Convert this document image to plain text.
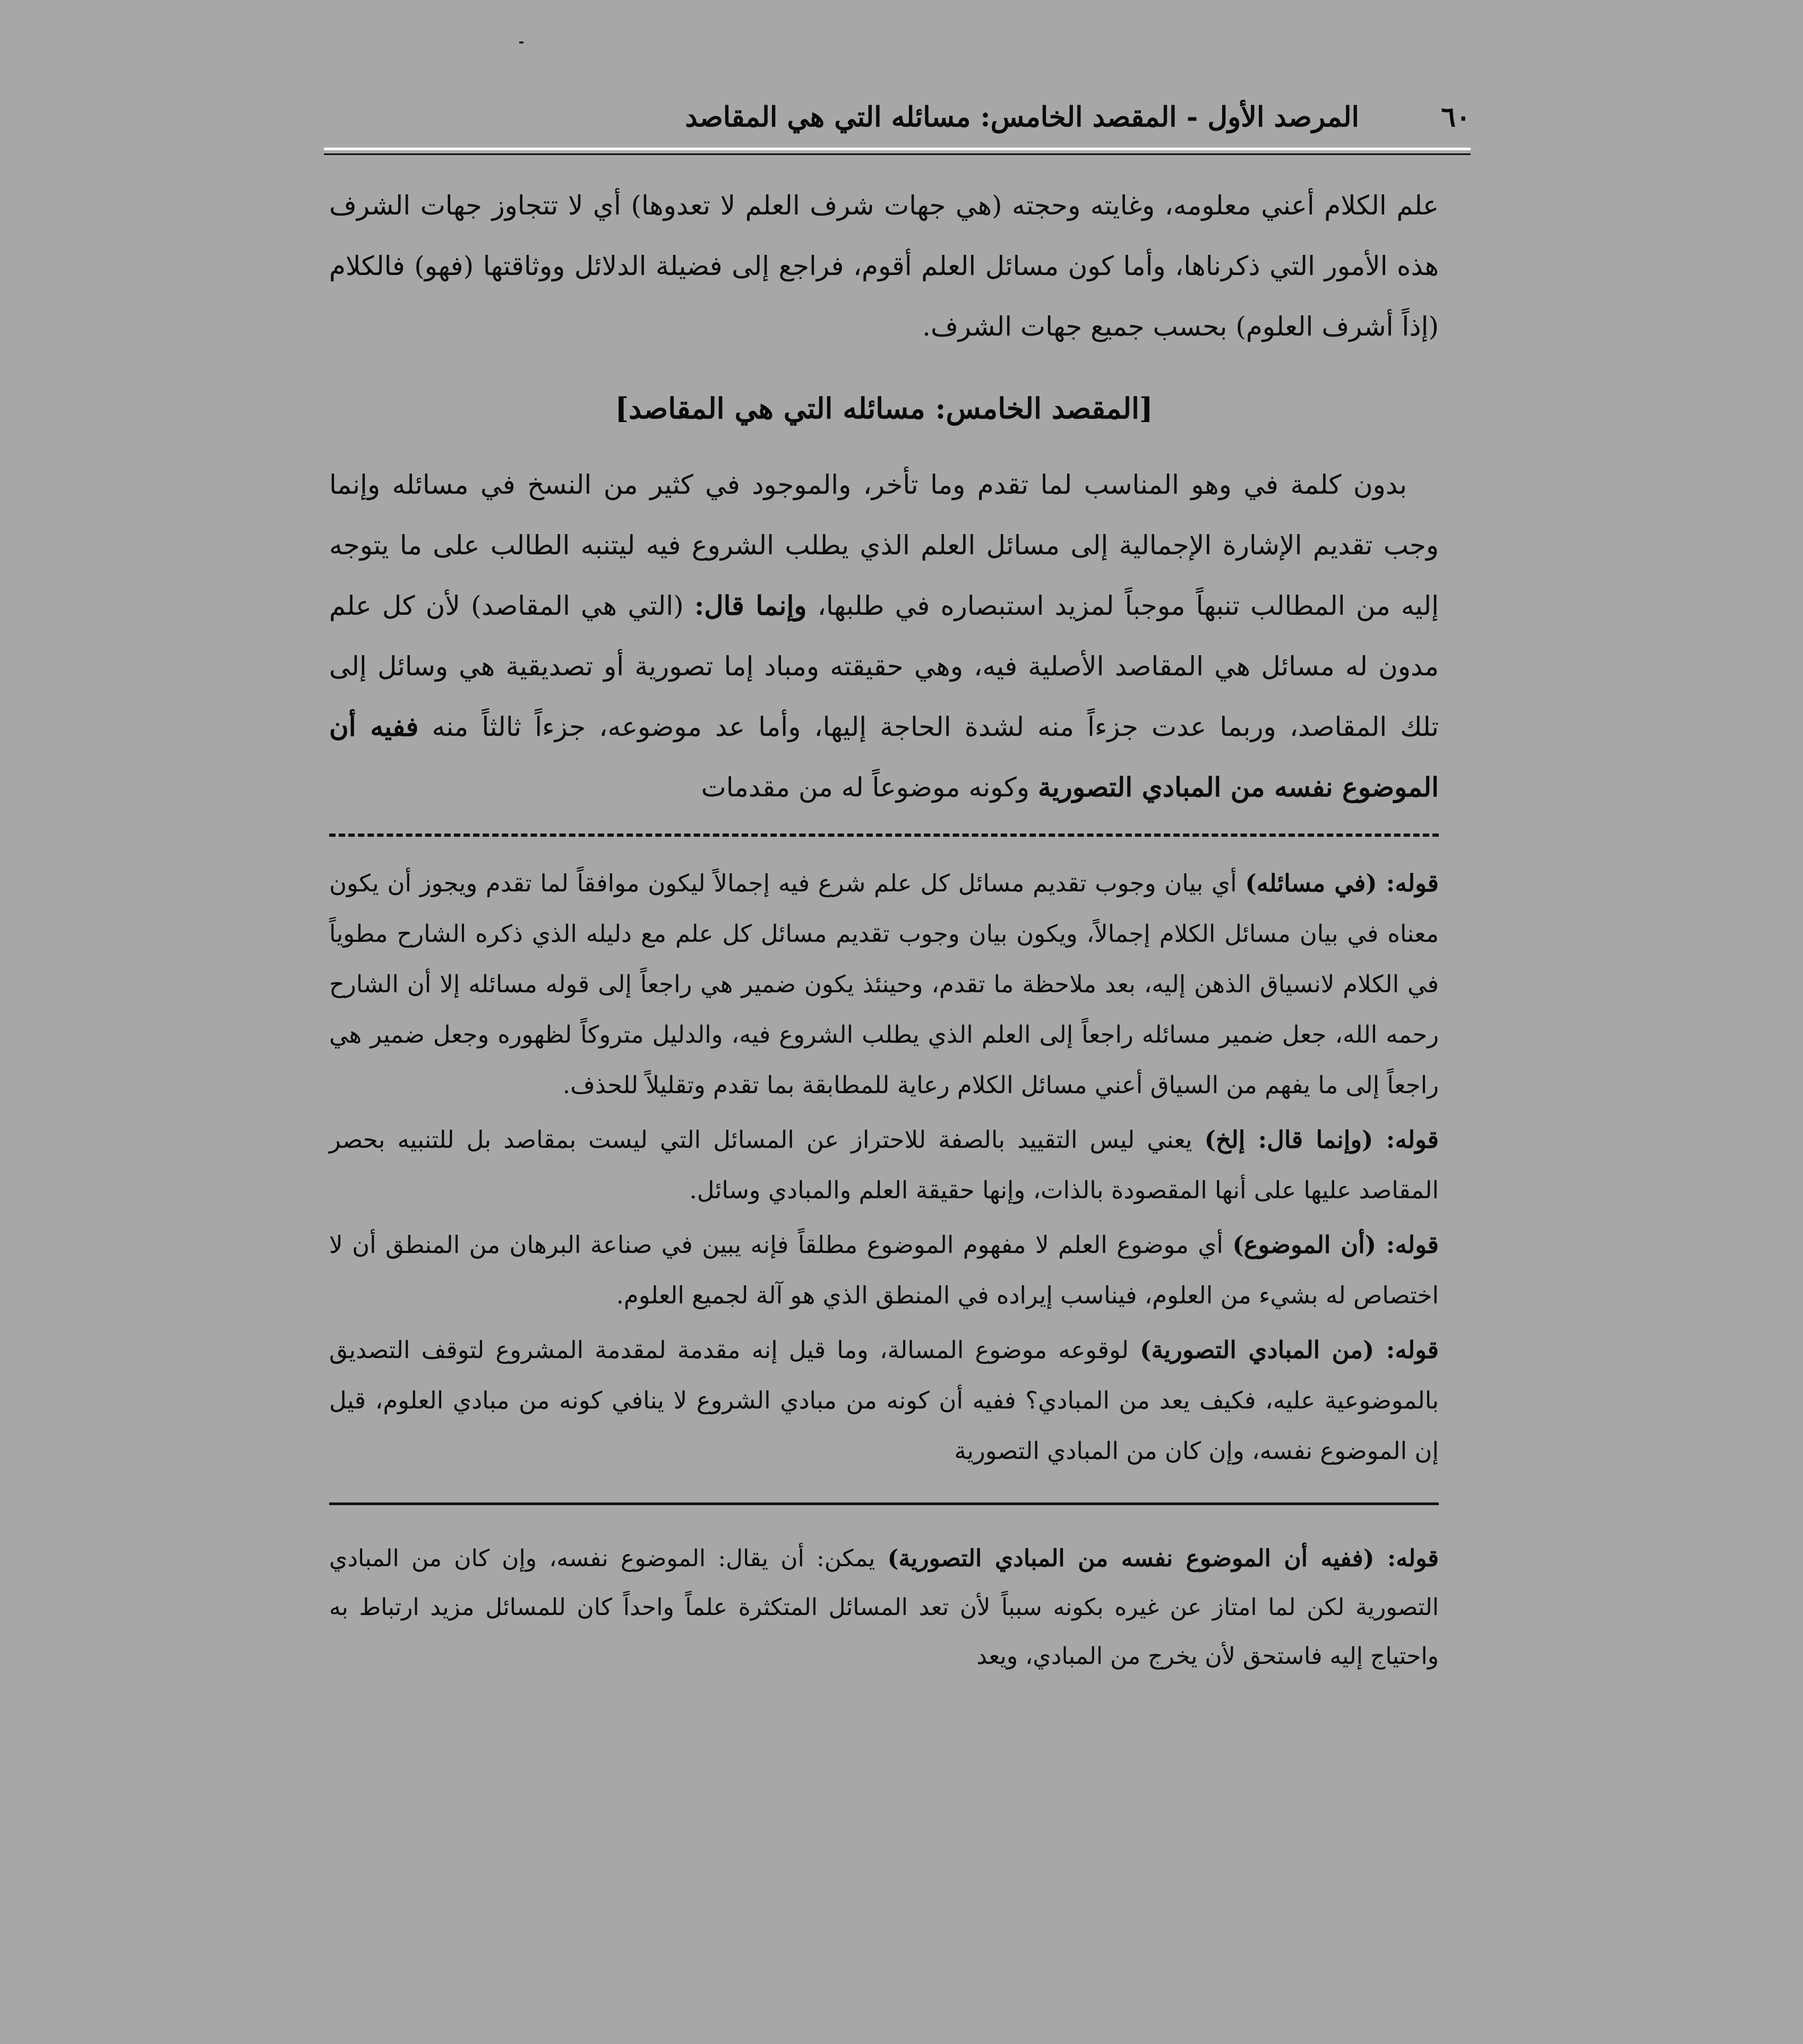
٦٠
المرصد الأول - المقصد الخامس: مسائله التي هي المقاصد

علم الكلام أعني معلومه، وغايته وحجته (هي جهات شرف العلم لا تعدوها) أي لا تتجاوز جهات الشرف هذه الأمور التي ذكرناها، وأما كون مسائل العلم أقوم، فراجع إلى فضيلة الدلائل ووثاقتها (فهو) فالكلام (إذاً أشرف العلوم) بحسب جميع جهات الشرف.

[المقصد الخامس: مسائله التي هي المقاصد]

بدون كلمة في وهو المناسب لما تقدم وما تأخر، والموجود في كثير من النسخ في مسائله وإنما وجب تقديم الإشارة الإجمالية إلى مسائل العلم الذي يطلب الشروع فيه ليتنبه الطالب على ما يتوجه إليه من المطالب تنبهاً موجباً لمزيد استبصاره في طلبها، وإنما قال: (التي هي المقاصد) لأن كل علم مدون له مسائل هي المقاصد الأصلية فيه، وهي حقيقته ومباد إما تصورية أو تصديقية هي وسائل إلى تلك المقاصد، وربما عدت جزءاً منه لشدة الحاجة إليها، وأما عد موضوعه، جزءاً ثالثاً منه ففيه أن الموضوع نفسه من المبادي التصورية وكونه موضوعاً له من مقدمات

قوله: (في مسائله) أي بيان وجوب تقديم مسائل كل علم شرع فيه إجمالاً ليكون موافقاً لما تقدم ويجوز أن يكون معناه في بيان مسائل الكلام إجمالاً، ويكون بيان وجوب تقديم مسائل كل علم مع دليله الذي ذكره الشارح مطوياً في الكلام لانسياق الذهن إليه، بعد ملاحظة ما تقدم، وحينئذ يكون ضمير هي راجعاً إلى قوله مسائله إلا أن الشارح رحمه الله، جعل ضمير مسائله راجعاً إلى العلم الذي يطلب الشروع فيه، والدليل متروكاً لظهوره وجعل ضمير هي راجعاً إلى ما يفهم من السياق أعني مسائل الكلام رعاية للمطابقة بما تقدم وتقليلاً للحذف.

قوله: (وإنما قال: إلخ) يعني ليس التقييد بالصفة للاحتراز عن المسائل التي ليست بمقاصد بل للتنبيه بحصر المقاصد عليها على أنها المقصودة بالذات، وإنها حقيقة العلم والمبادي وسائل.

قوله: (أن الموضوع) أي موضوع العلم لا مفهوم الموضوع مطلقاً فإنه يبين في صناعة البرهان من المنطق أن لا اختصاص له بشيء من العلوم، فيناسب إيراده في المنطق الذي هو آلة لجميع العلوم.

قوله: (من المبادي التصورية) لوقوعه موضوع المسالة، وما قيل إنه مقدمة لمقدمة المشروع لتوقف التصديق بالموضوعية عليه، فكيف يعد من المبادي؟ ففيه أن كونه من مبادي الشروع لا ينافي كونه من مبادي العلوم، قيل إن الموضوع نفسه، وإن كان من المبادي التصورية

قوله: (ففيه أن الموضوع نفسه من المبادي التصورية) يمكن: أن يقال: الموضوع نفسه، وإن كان من المبادي التصورية لكن لما امتاز عن غيره بكونه سبباً لأن تعد المسائل المتكثرة علماً واحداً كان للمسائل مزيد ارتباط به واحتياج إليه فاستحق لأن يخرج من المبادي، ويعد
